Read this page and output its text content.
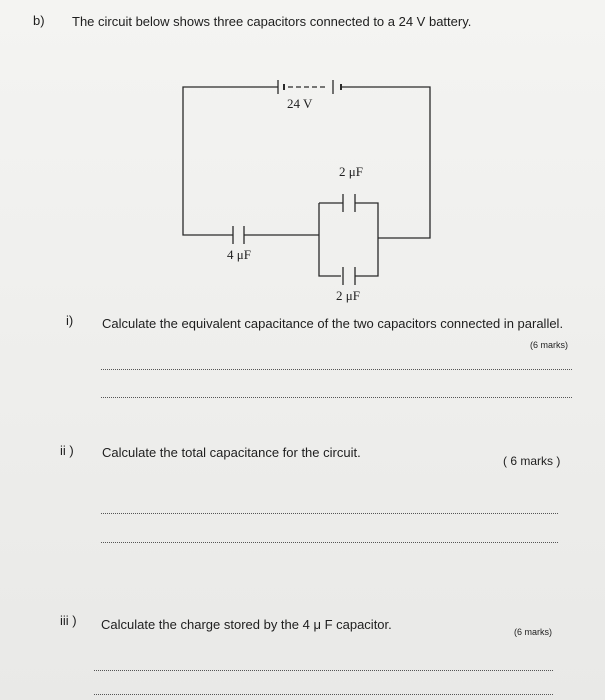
b) The circuit below shows three capacitors connected to a 24 V battery.
24 V
4 μF
2 μF
2 μF
i) Calculate the equivalent capacitance of the two capacitors connected in parallel.
(6 marks)
ii ) Calculate the total capacitance for the circuit.
( 6 marks )
iii ) Calculate the charge stored by the 4 μ F capacitor.	(6 marks)
